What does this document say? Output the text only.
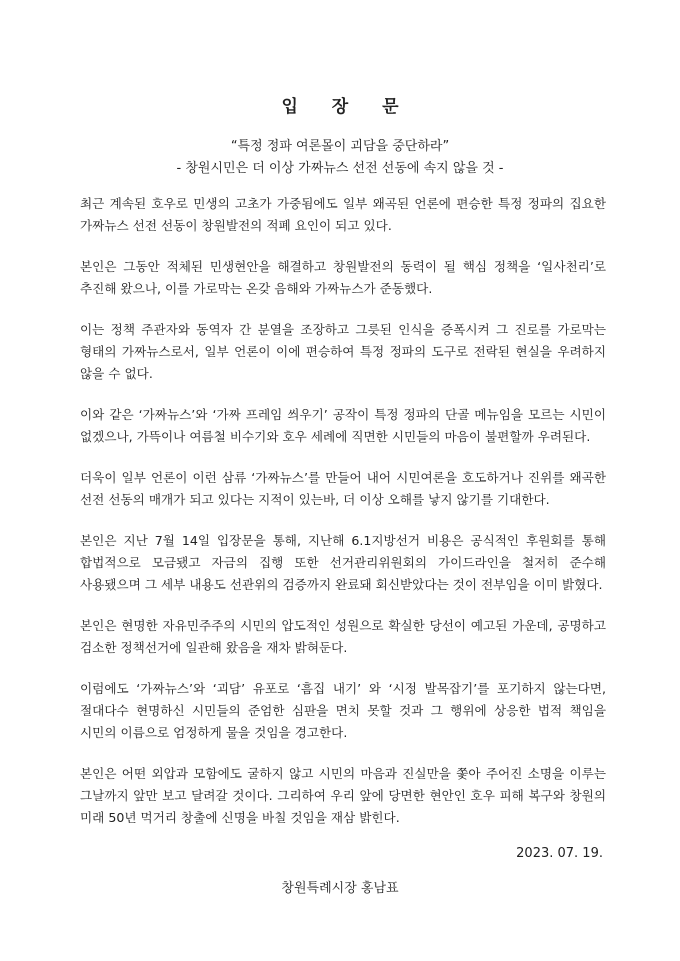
입 장 문
“특정 정파 여론몰이 괴담을 중단하라”
- 창원시민은 더 이상 가짜뉴스 선전 선동에 속지 않을 것 -

최근 계속된 호우로 민생의 고초가 가중됨에도 일부 왜곡된 언론에 편승한 특정 정파의 집요한 가짜뉴스 선전 선동이 창원발전의 적폐 요인이 되고 있다.

본인은 그동안 적체된 민생현안을 해결하고 창원발전의 동력이 될 핵심 정책을 ‘일사천리’로 추진해 왔으나, 이를 가로막는 온갖 음해와 가짜뉴스가 준동했다.

이는 정책 주관자와 동역자 간 분열을 조장하고 그릇된 인식을 증폭시켜 그 진로를 가로막는 형태의 가짜뉴스로서, 일부 언론이 이에 편승하여 특정 정파의 도구로 전락된 현실을 우려하지 않을 수 없다.

이와 같은 ‘가짜뉴스’와 ‘가짜 프레임 씌우기’ 공작이 특정 정파의 단골 메뉴임을 모르는 시민이 없겠으나, 가뜩이나 여름철 비수기와 호우 세례에 직면한 시민들의 마음이 불편할까 우려된다.

더욱이 일부 언론이 이런 삼류 ‘가짜뉴스’를 만들어 내어 시민여론을 호도하거나 진위를 왜곡한 선전 선동의 매개가 되고 있다는 지적이 있는바, 더 이상 오해를 낳지 않기를 기대한다.

본인은 지난 7월 14일 입장문을 통해, 지난해 6.1지방선거 비용은 공식적인 후원회를 통해 합법적으로 모금됐고 자금의 집행 또한 선거관리위원회의 가이드라인을 철저히 준수해 사용됐으며 그 세부 내용도 선관위의 검증까지 완료돼 회신받았다는 것이 전부임을 이미 밝혔다.

본인은 현명한 자유민주주의 시민의 압도적인 성원으로 확실한 당선이 예고된 가운데, 공명하고 검소한 정책선거에 일관해 왔음을 재차 밝혀둔다.

이럼에도 ‘가짜뉴스’와 ‘괴담’ 유포로 ‘흠집 내기’ 와 ‘시정 발목잡기’를 포기하지 않는다면, 절대다수 현명하신 시민들의 준엄한 심판을 면치 못할 것과 그 행위에 상응한 법적 책임을 시민의 이름으로 엄정하게 물을 것임을 경고한다.

본인은 어떤 외압과 모함에도 굴하지 않고 시민의 마음과 진실만을 쫓아 주어진 소명을 이루는 그날까지 앞만 보고 달려갈 것이다. 그리하여 우리 앞에 당면한 현안인 호우 피해 복구와 창원의 미래 50년 먹거리 창출에 신명을 바칠 것임을 재삼 밝힌다.

2023. 07. 19.
창원특례시장 홍남표
